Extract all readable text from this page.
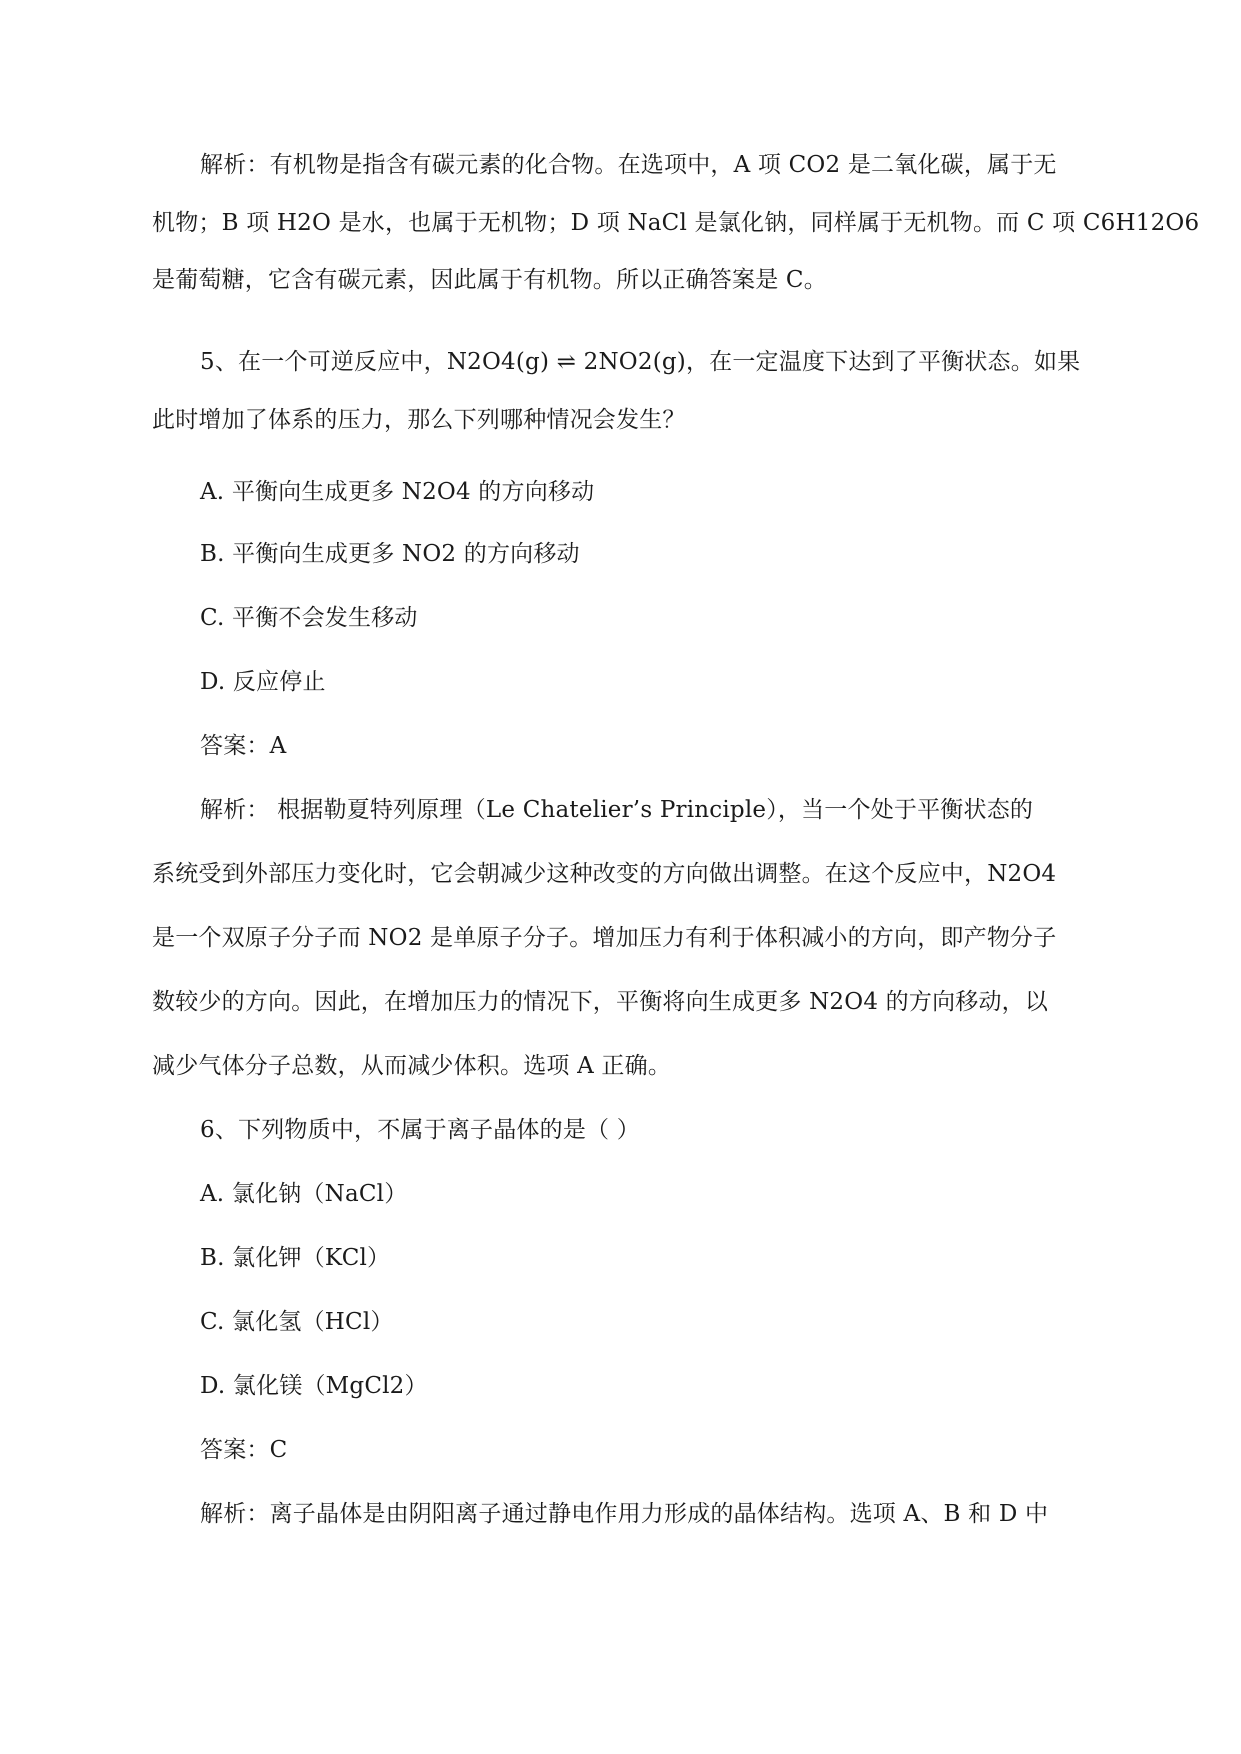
解析：有机物是指含有碳元素的化合物。在选项中，A 项 CO2 是二氧化碳，属于无
机物；B 项 H2O 是水，也属于无机物；D 项 NaCl 是氯化钠，同样属于无机物。而 C 项 C6H12O6
是葡萄糖，它含有碳元素，因此属于有机物。所以正确答案是 C。
5、在一个可逆反应中，N2O4(g) ⇌ 2NO2(g)，在一定温度下达到了平衡状态。如果
此时增加了体系的压力，那么下列哪种情况会发生？
A. 平衡向生成更多 N2O4 的方向移动
B. 平衡向生成更多 NO2 的方向移动
C. 平衡不会发生移动
D. 反应停止
答案：A
解析： 根据勒夏特列原理（Le Chatelier’s Principle），当一个处于平衡状态的
系统受到外部压力变化时，它会朝减少这种改变的方向做出调整。在这个反应中，N2O4
是一个双原子分子而 NO2 是单原子分子。增加压力有利于体积减小的方向，即产物分子
数较少的方向。因此，在增加压力的情况下，平衡将向生成更多 N2O4 的方向移动，以
减少气体分子总数，从而减少体积。选项 A 正确。
6、下列物质中，不属于离子晶体的是（ ）
A. 氯化钠（NaCl）
B. 氯化钾（KCl）
C. 氯化氢（HCl）
D. 氯化镁（MgCl2）
答案：C
解析：离子晶体是由阴阳离子通过静电作用力形成的晶体结构。选项 A、B 和 D 中
